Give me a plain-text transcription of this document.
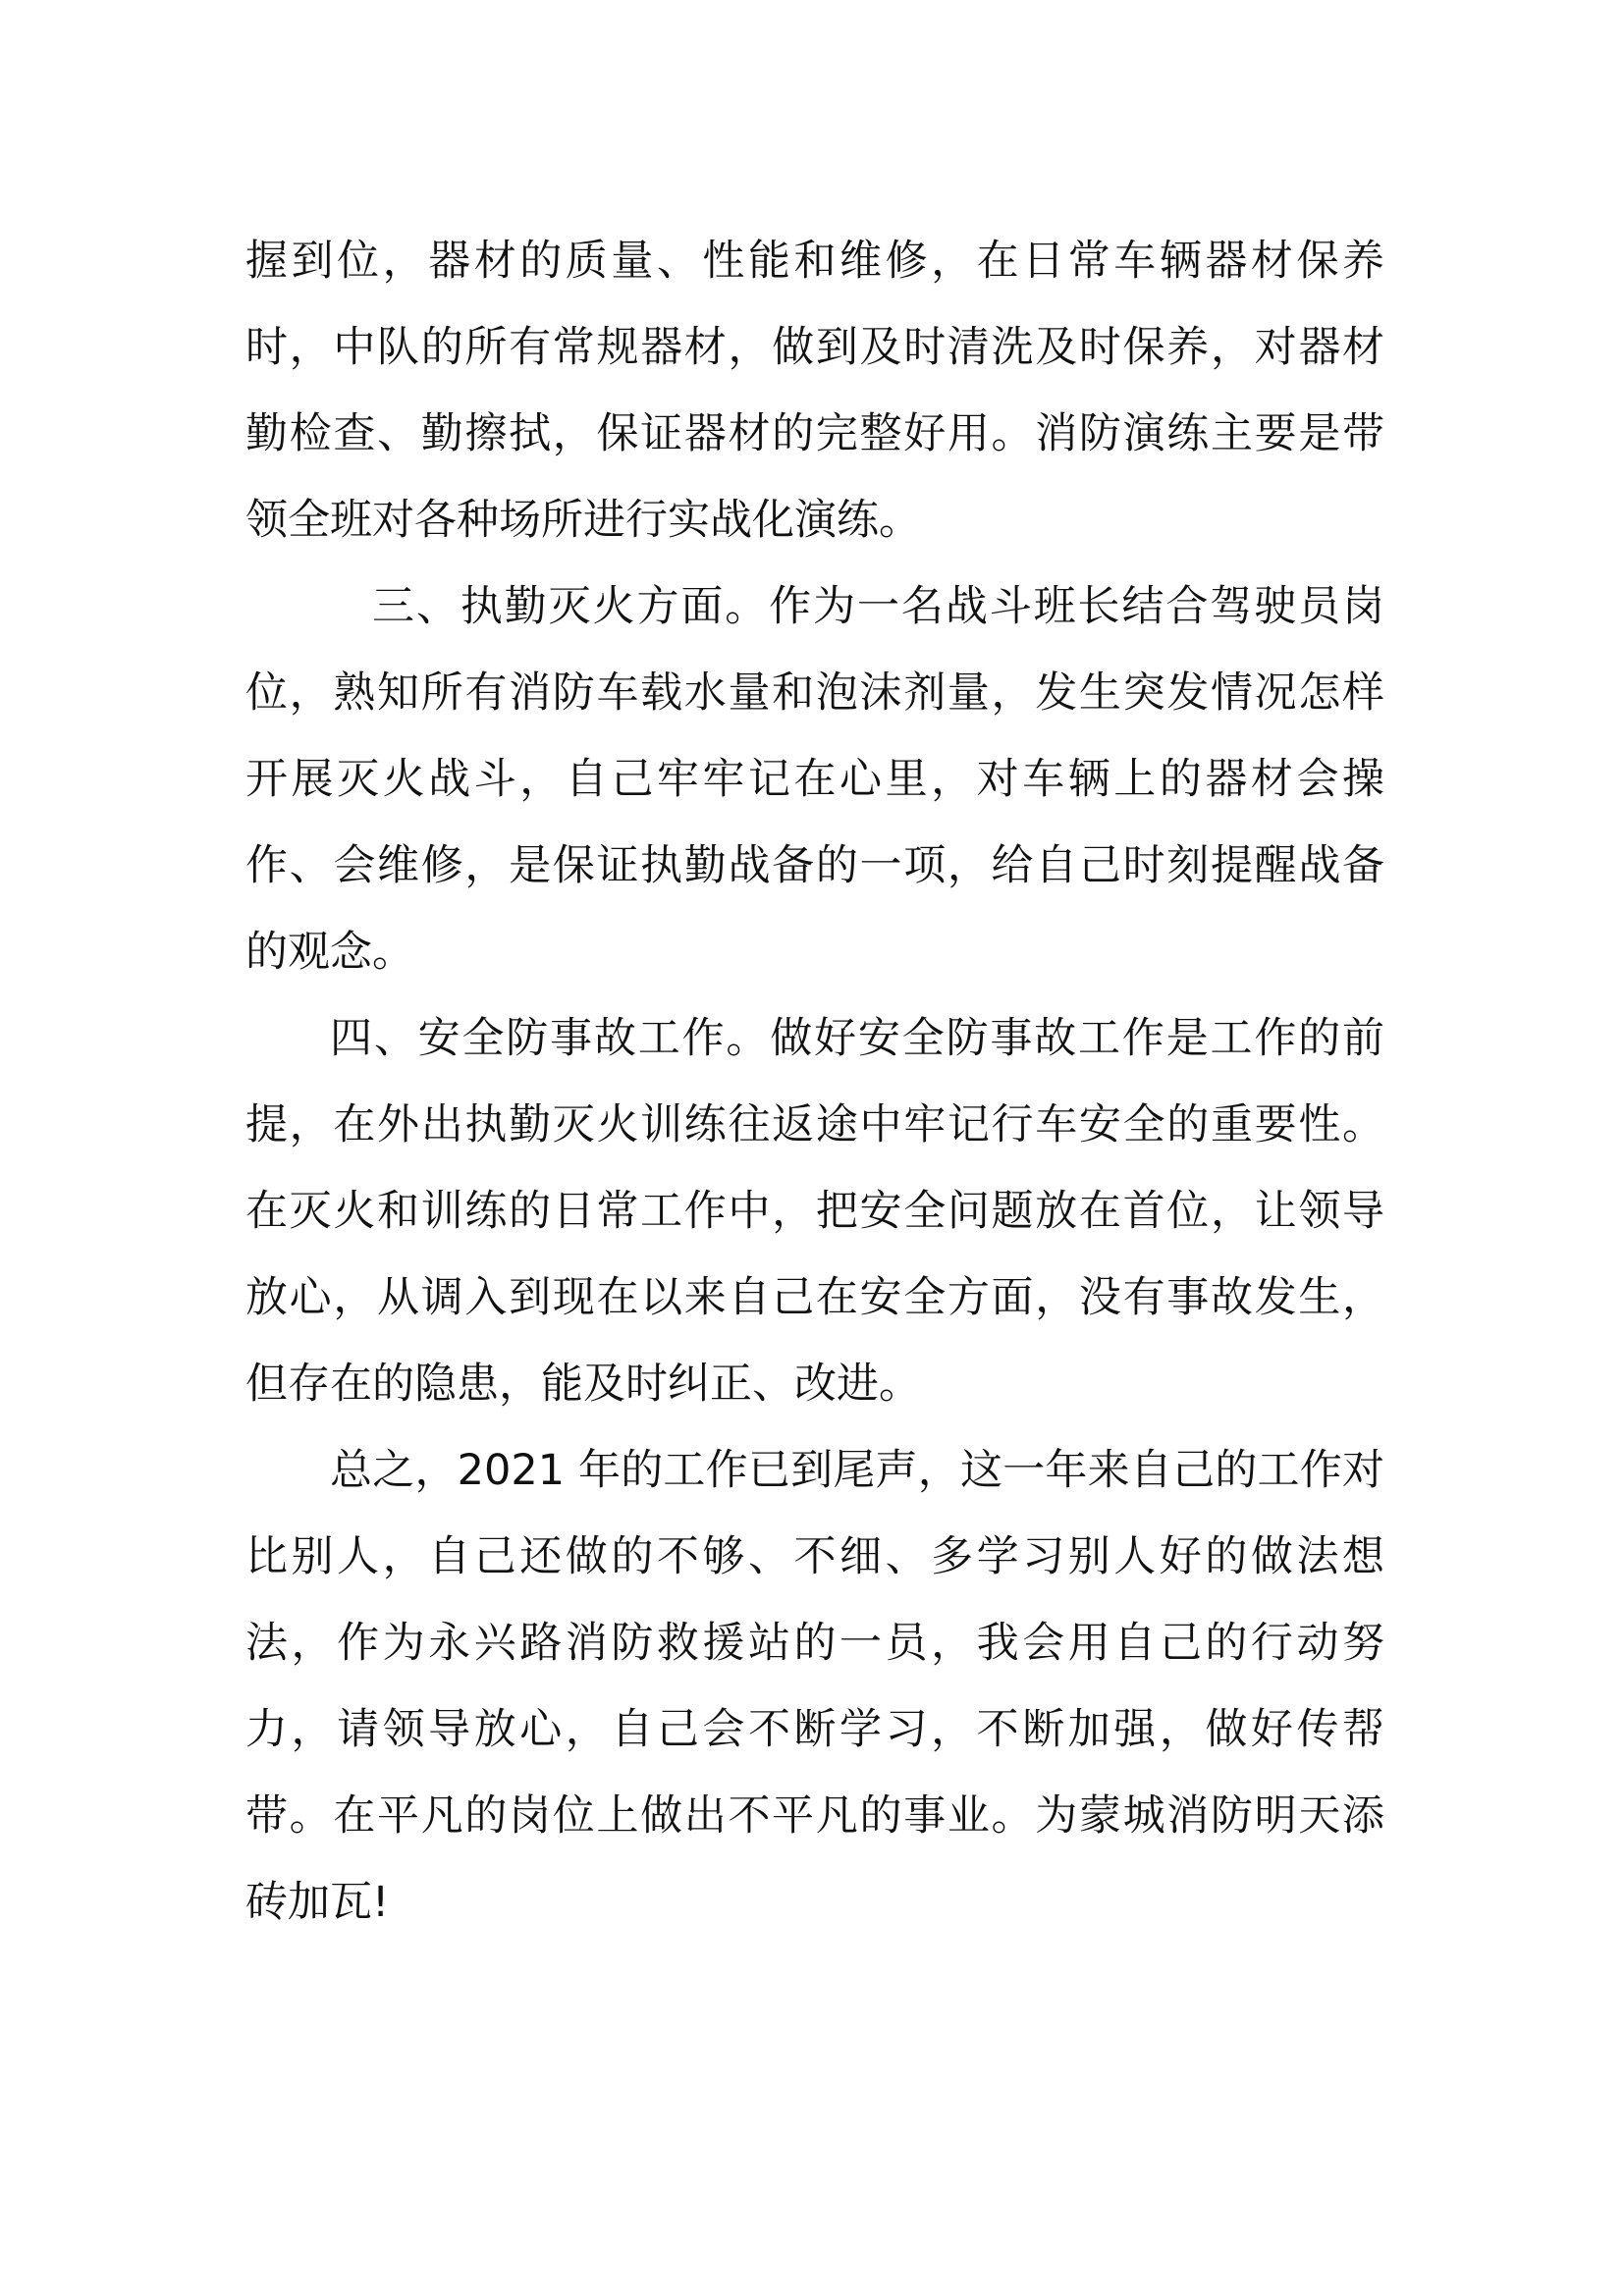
握到位，器材的质量、性能和维修，在日常车辆器材保养时，中队的所有常规器材，做到及时清洗及时保养，对器材勤检查、勤擦拭，保证器材的完整好用。消防演练主要是带领全班对各种场所进行实战化演练。

三、执勤灭火方面。作为一名战斗班长结合驾驶员岗位，熟知所有消防车载水量和泡沫剂量，发生突发情况怎样开展灭火战斗，自己牢牢记在心里，对车辆上的器材会操作、会维修，是保证执勤战备的一项，给自己时刻提醒战备的观念。

四、安全防事故工作。做好安全防事故工作是工作的前提，在外出执勤灭火训练往返途中牢记行车安全的重要性。在灭火和训练的日常工作中，把安全问题放在首位，让领导放心，从调入到现在以来自己在安全方面，没有事故发生，但存在的隐患，能及时纠正、改进。

总之，2021 年的工作已到尾声，这一年来自己的工作对比别人，自己还做的不够、不细、多学习别人好的做法想法，作为永兴路消防救援站的一员，我会用自己的行动努力，请领导放心，自己会不断学习，不断加强，做好传帮带。在平凡的岗位上做出不平凡的事业。为蒙城消防明天添砖加瓦!
